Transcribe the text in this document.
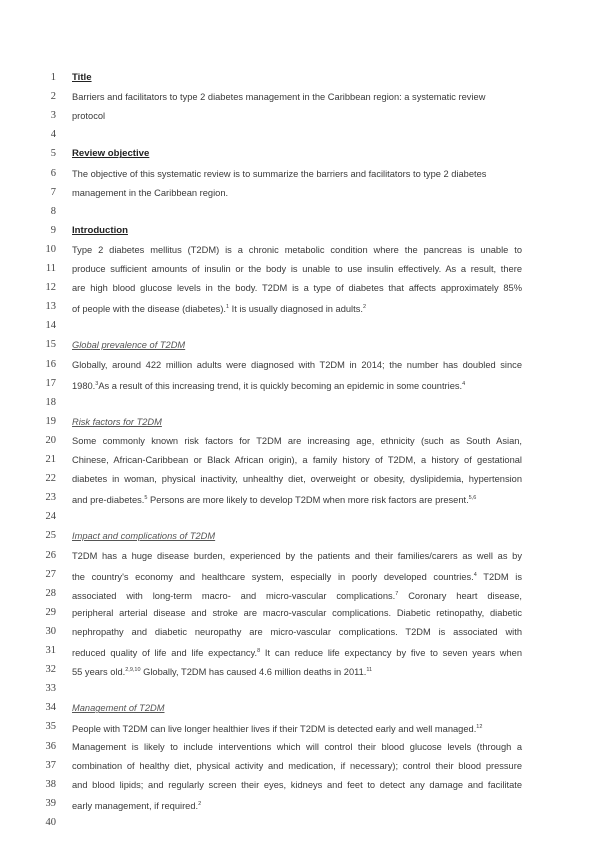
1 Title
2 Barriers and facilitators to type 2 diabetes management in the Caribbean region: a systematic review
3 protocol
4
5 Review objective
6 The objective of this systematic review is to summarize the barriers and facilitators to type 2 diabetes
7 management in the Caribbean region.
8
9 Introduction
10 Type 2 diabetes mellitus (T2DM) is a chronic metabolic condition where the pancreas is unable to
11 produce sufficient amounts of insulin or the body is unable to use insulin effectively. As a result, there
12 are high blood glucose levels in the body. T2DM is a type of diabetes that affects approximately 85%
13 of people with the disease (diabetes).$^1$ It is usually diagnosed in adults.$^2$
14
15 Global prevalence of T2DM
16 Globally, around 422 million adults were diagnosed with T2DM in 2014; the number has doubled since
17 1980.$^3$As a result of this increasing trend, it is quickly becoming an epidemic in some countries.$^4$
18
19 Risk factors for T2DM
20 Some commonly known risk factors for T2DM are increasing age, ethnicity (such as South Asian,
21 Chinese, African-Caribbean or Black African origin), a family history of T2DM, a history of gestational
22 diabetes in woman, physical inactivity, unhealthy diet, overweight or obesity, dyslipidemia, hypertension
23 and pre-diabetes.$^5$ Persons are more likely to develop T2DM when more risk factors are present.$^{5,6}$
24
25 Impact and complications of T2DM
26 T2DM has a huge disease burden, experienced by the patients and their families/carers as well as by
27 the country's economy and healthcare system, especially in poorly developed countries.$^4$ T2DM is
28 associated with long-term macro- and micro-vascular complications.$^7$ Coronary heart disease,
29 peripheral arterial disease and stroke are macro-vascular complications. Diabetic retinopathy, diabetic
30 nephropathy and diabetic neuropathy are micro-vascular complications. T2DM is associated with
31 reduced quality of life and life expectancy.$^8$ It can reduce life expectancy by five to seven years when
32 55 years old.$^{2,9,10}$ Globally, T2DM has caused 4.6 million deaths in 2011.11
33
34 Management of T2DM
35 People with T2DM can live longer healthier lives if their T2DM is detected early and well managed.$^{12}$
36 Management is likely to include interventions which will control their blood glucose levels (through a
37 combination of healthy diet, physical activity and medication, if necessary); control their blood pressure
38 and blood lipids; and regularly screen their eyes, kidneys and feet to detect any damage and facilitate
39 early management, if required.$^2$
40
